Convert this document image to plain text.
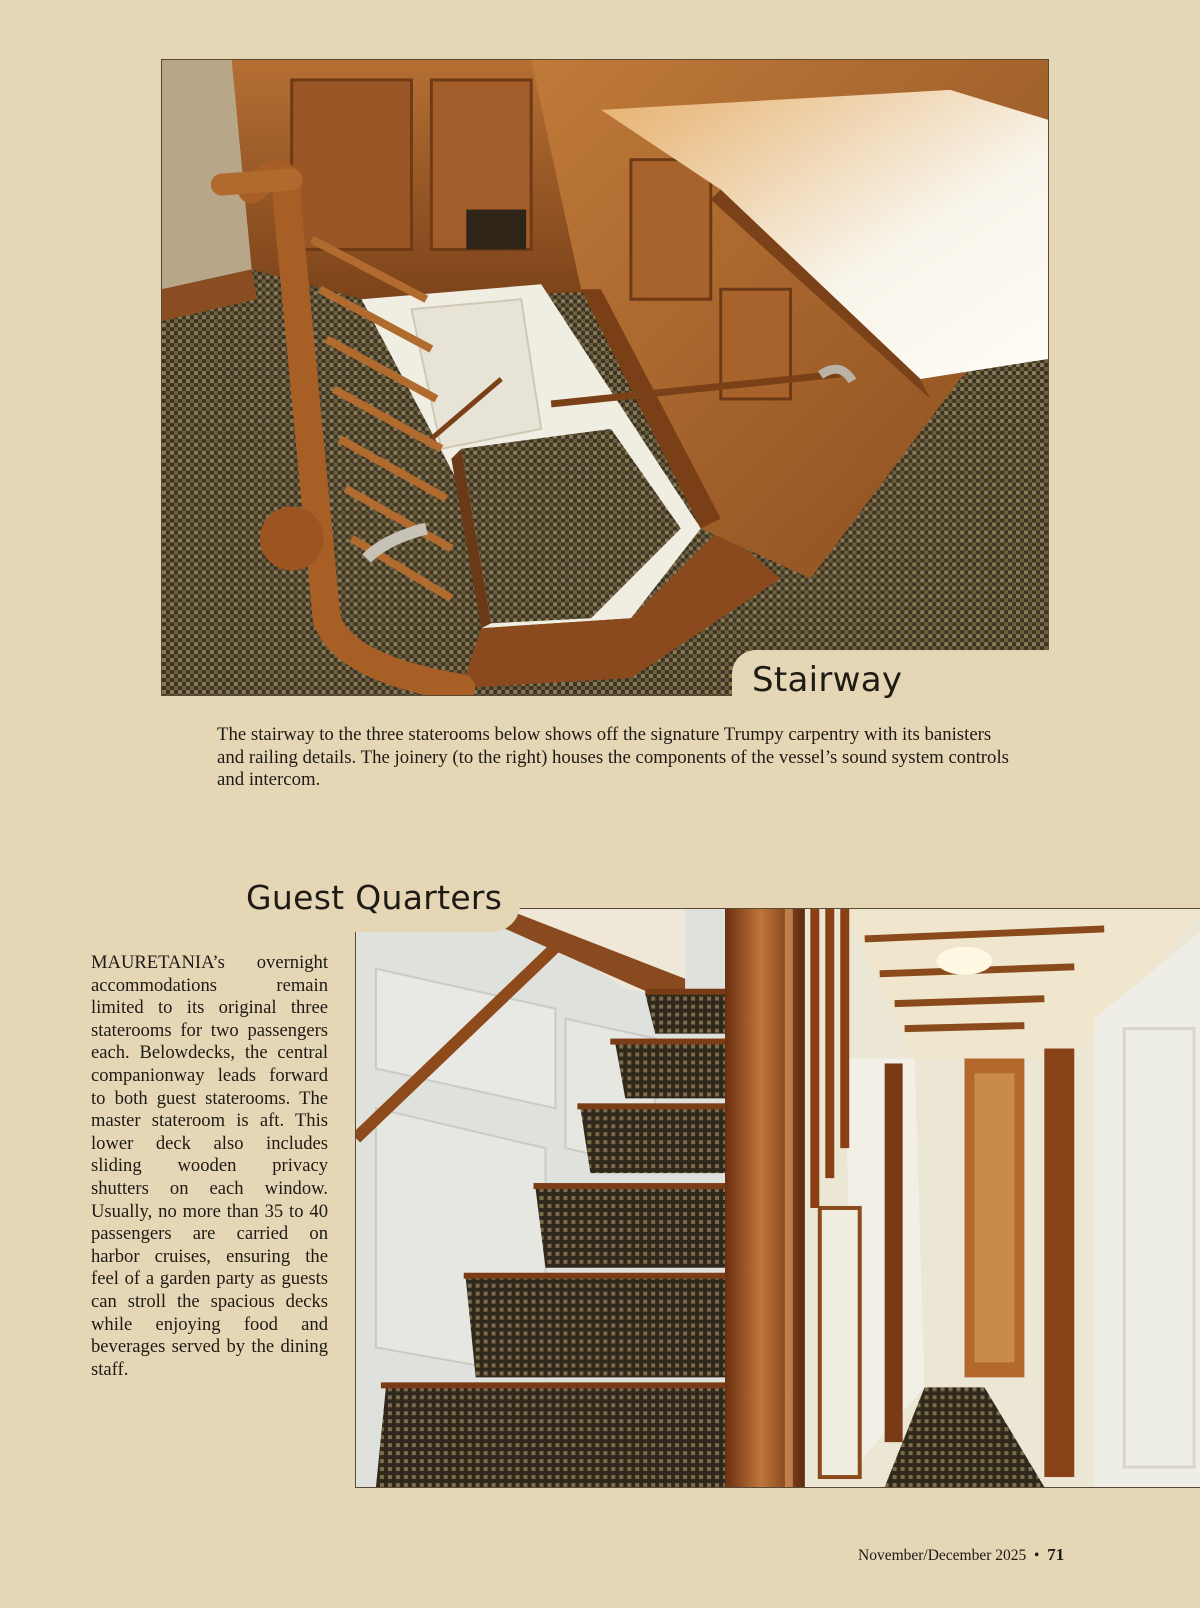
Stairway

The stairway to the three staterooms below shows off the signature Trumpy carpentry with its banisters and railing details. The joinery (to the right) houses the components of the vessel’s sound system controls and intercom.

Guest Quarters

MAURETANIA’s overnight accommodations remain limited to its original three staterooms for two passengers each. Belowdecks, the central companionway leads forward to both guest staterooms. The master stateroom is aft. This lower deck also includes sliding wooden privacy shutters on each window. Usually, no more than 35 to 40 passengers are carried on harbor cruises, ensuring the feel of a garden party as guests can stroll the spacious decks while enjoying food and beverages served by the dining staff.

November/December 2025 • 71
